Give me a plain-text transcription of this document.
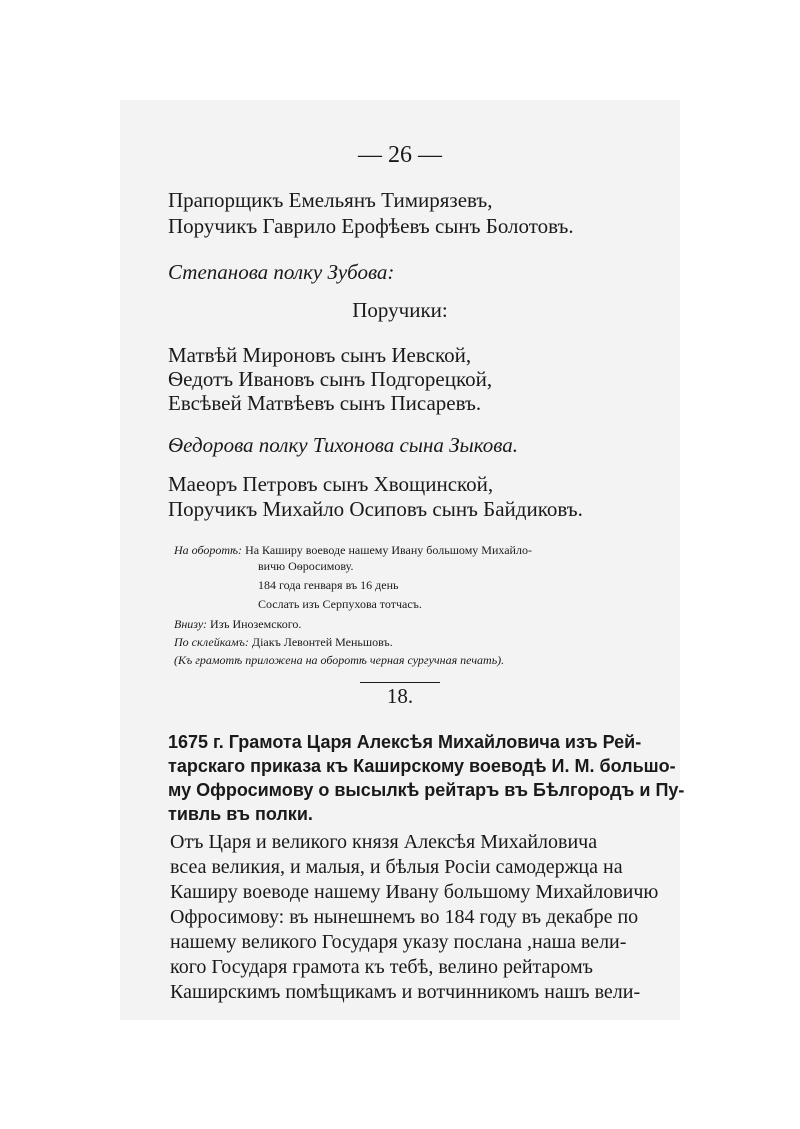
— 26 —
Прапорщикъ Емельянъ Тимирязевъ,
Поручикъ Гаврило Ерофѣевъ сынъ Болотовъ.
Степанова полку Зубова:
Поручики:
Матвѣй Мироновъ сынъ Иевской,
Ѳедотъ Ивановъ сынъ Подгорецкой,
Евсѣвей Матвѣевъ сынъ Писаревъ.
Ѳедорова полку Тихонова сына Зыкова.
Маеоръ Петровъ сынъ Хвощинской,
Поручикъ Михайло Осиповъ сынъ Байдиковъ.
На оборотѣ: На Каширу воеводе нашему Ивану большому Михайло-
вичю Оѳросимову.
184 года генваря въ 16 день
Сослать изъ Серпухова тотчасъ.
Внизу: Изъ Иноземского.
По склейкамъ: Дiакъ Левонтей Меньшовъ.
(Къ грамотѣ приложена на оборотѣ черная сургучная печать).
18.
1675 г. Грамота Царя Алексѣя Михайловича изъ Рей-
тарскаго приказа къ Каширскому воеводѣ И. М. большо-
му Офросимову о высылкѣ рейтаръ въ Бѣлгородъ и Пу-
тивль въ полки.
Отъ Царя и великого князя Алексѣя Михайловича
всеа великия, и малыя, и бѣлыя Росiи самодержца на
Каширу воеводе нашему Ивану большому Михайловичю
Офросимову: въ нынешнемъ во 184 году въ декабре по
нашему великого Государя указу послана ,наша вели-
кого Государя грамота къ тебѣ, велино рейтаромъ
Каширскимъ помѣщикамъ и вотчинникомъ нашъ вели-
